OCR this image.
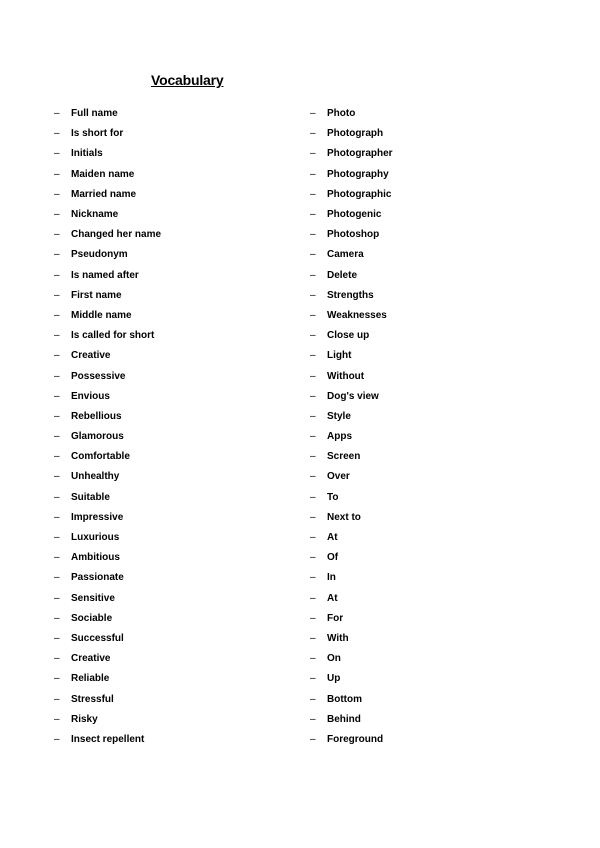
Vocabulary
–	Full name
–	Is short for
–	Initials
–	Maiden name
–	Married name
–	Nickname
–	Changed her name
–	Pseudonym
–	Is named after
–	First name
–	Middle name
–	Is called for short
–	Creative
–	Possessive
–	Envious
–	Rebellious
–	Glamorous
–	Comfortable
–	Unhealthy
–	Suitable
–	Impressive
–	Luxurious
–	Ambitious
–	Passionate
–	Sensitive
–	Sociable
–	Successful
–	Creative
–	Reliable
–	Stressful
–	Risky
–	Insect repellent
–	Photo
–	Photograph
–	Photographer
–	Photography
–	Photographic
–	Photogenic
–	Photoshop
–	Camera
–	Delete
–	Strengths
–	Weaknesses
–	Close up
–	Light
–	Without
–	Dog's view
–	Style
–	Apps
–	Screen
–	Over
–	To
–	Next to
–	At
–	Of
–	In
–	At
–	For
–	With
–	On
–	Up
–	Bottom
–	Behind
–	Foreground
